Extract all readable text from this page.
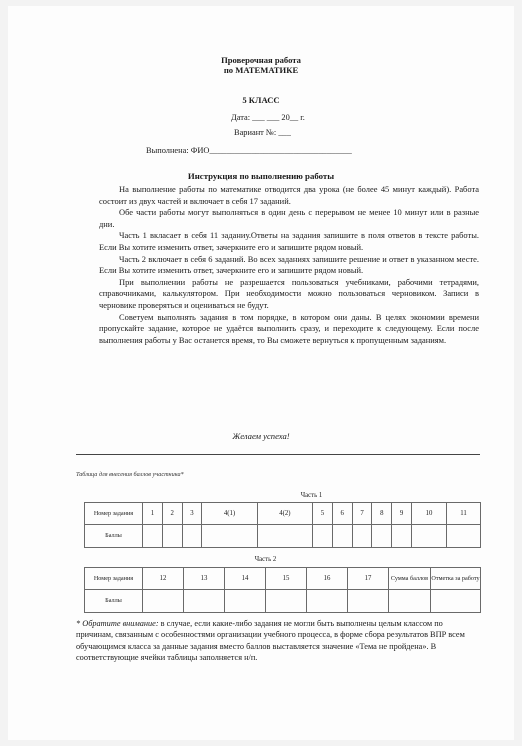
Проверочная работа
по МАТЕМАТИКЕ
5 КЛАСС
Дата: ___ ___ 20__ г.
Вариант №: ___
Выполнена: ФИО__________________________________
Инструкция по выполнению работы

На выполнение работы по математике отводится два урока (не более 45 минут каждый). Работа состоит из двух частей и включает в себя 17 заданий.

Обе части работы могут выполняться в один день с перерывом не менее 10 минут или в разные дни.

Часть 1 вкласает в себя 11 заданиу.Ответы на задания запишите в поля ответов в тексте работы. Если Вы хотите изменить ответ, зачеркните его и запишите рядом новый.

Часть 2 включает в себя 6 заданий. Во всех заданиях запишите решение и ответ в указанном месте. Если Вы хотите изменить ответ, зачеркните его и запишите рядом новый.

При выполнении работы не разрешается пользоваться учебниками, рабочими тетрадями, справочниками, калькулятором. При необходимости можно пользоваться черновиком. Записи в черновике проверяться и оцениваться не будут.

Советуем выполнять задания в том порядке, в котором они даны. В целях экономии времени пропускайте задание, которое не удаётся выполнить сразу, и переходите к следующему. Если после выполнения работы у Вас останется время, то Вы сможете вернуться к пропущенным заданиям.

Желаем успеха!
Таблица для внесения баллов участника*
	Часть 1											
Номер задания	1	2	3	4(1)	4(2)	5	6	7	8	9	10	11
Баллы												
	Часть 2							
Номер задания	12	13	14	15	16	17	Сумма баллов	Отметка за работу
Баллы								
* Обратите внимание: в случае, если какие-либо задания не могли быть выполнены целым классом по причинам, связанным с особенностями организации учебного процесса, в форме сбора результатов ВПР всем обучающимся класса за данные задания вместо баллов выставляется значение «Тема не пройдена». В соответствующие ячейки таблицы заполняется н/п.
